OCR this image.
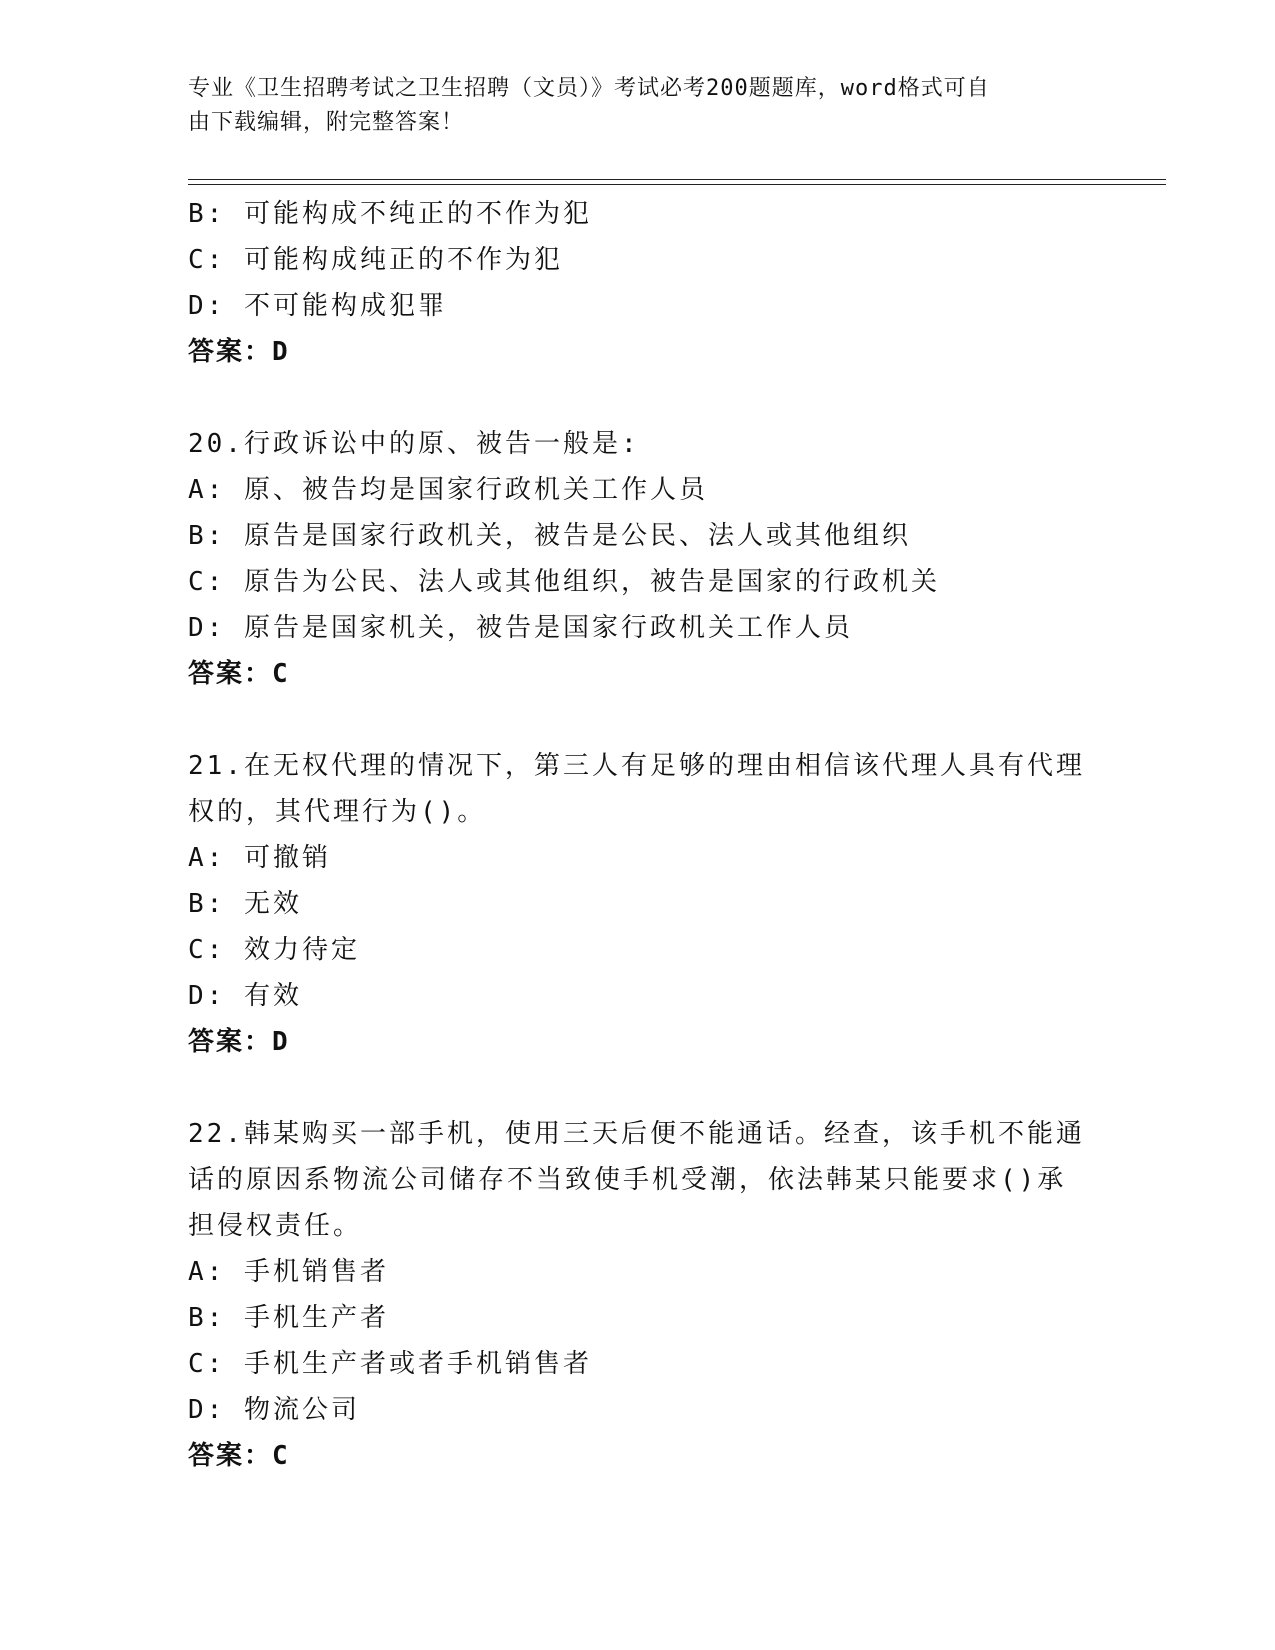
专业《卫生招聘考试之卫生招聘（文员）》考试必考200题题库，word格式可自
由下载编辑，附完整答案！
B: 可能构成不纯正的不作为犯
C: 可能构成纯正的不作为犯
D: 不可能构成犯罪
答案：D
20.行政诉讼中的原、被告一般是:
A: 原、被告均是国家行政机关工作人员
B: 原告是国家行政机关，被告是公民、法人或其他组织
C: 原告为公民、法人或其他组织，被告是国家的行政机关
D: 原告是国家机关，被告是国家行政机关工作人员
答案：C
21.在无权代理的情况下，第三人有足够的理由相信该代理人具有代理
权的，其代理行为()。
A: 可撤销
B: 无效
C: 效力待定
D: 有效
答案：D
22.韩某购买一部手机，使用三天后便不能通话。经查，该手机不能通
话的原因系物流公司储存不当致使手机受潮，依法韩某只能要求()承
担侵权责任。
A: 手机销售者
B: 手机生产者
C: 手机生产者或者手机销售者
D: 物流公司
答案：C
